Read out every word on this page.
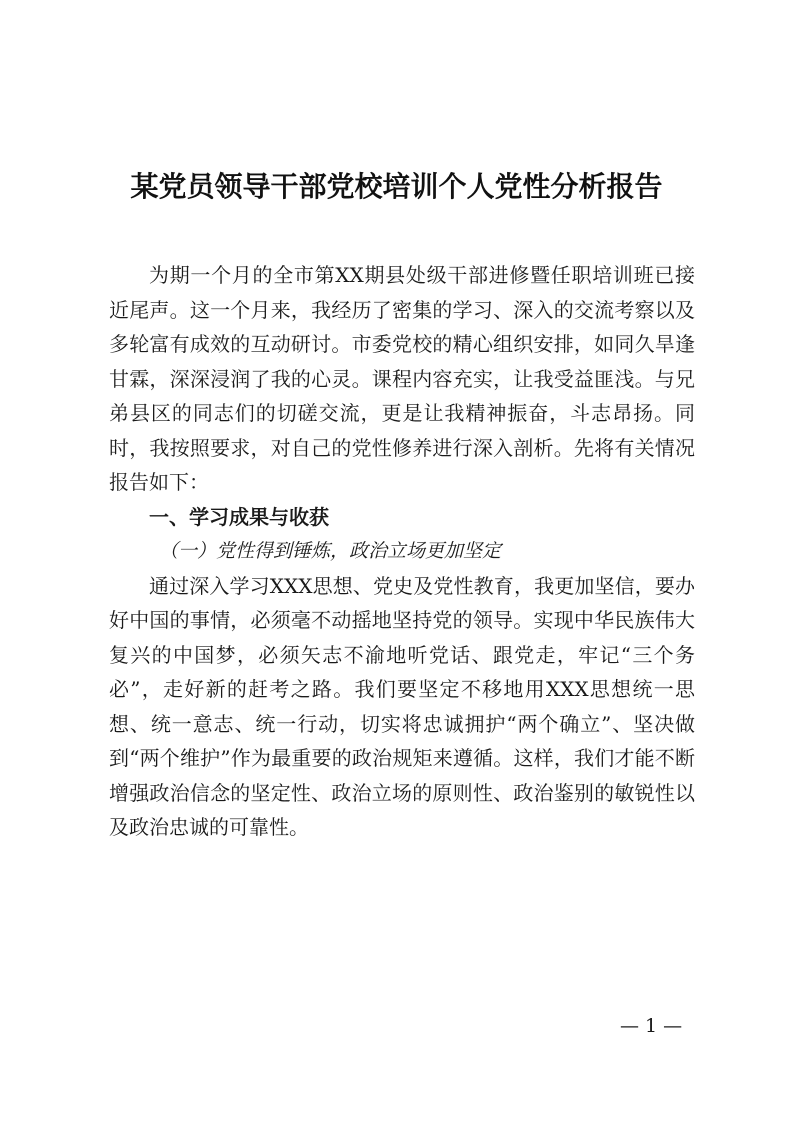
某党员领导干部党校培训个人党性分析报告

为期一个月的全市第XX期县处级干部进修暨任职培训班已接近尾声。这一个月来，我经历了密集的学习、深入的交流考察以及多轮富有成效的互动研讨。市委党校的精心组织安排，如同久旱逢甘霖，深深浸润了我的心灵。课程内容充实，让我受益匪浅。与兄弟县区的同志们的切磋交流，更是让我精神振奋，斗志昂扬。同时，我按照要求，对自己的党性修养进行深入剖析。先将有关情况报告如下：

一、学习成果与收获

（一）党性得到锤炼，政治立场更加坚定

通过深入学习XXX思想、党史及党性教育，我更加坚信，要办好中国的事情，必须毫不动摇地坚持党的领导。实现中华民族伟大复兴的中国梦，必须矢志不渝地听党话、跟党走，牢记“三个务必”，走好新的赶考之路。我们要坚定不移地用XXX思想统一思想、统一意志、统一行动，切实将忠诚拥护“两个确立”、坚决做到“两个维护”作为最重要的政治规矩来遵循。这样，我们才能不断增强政治信念的坚定性、政治立场的原则性、政治鉴别的敏锐性以及政治忠诚的可靠性。

— 1 —
